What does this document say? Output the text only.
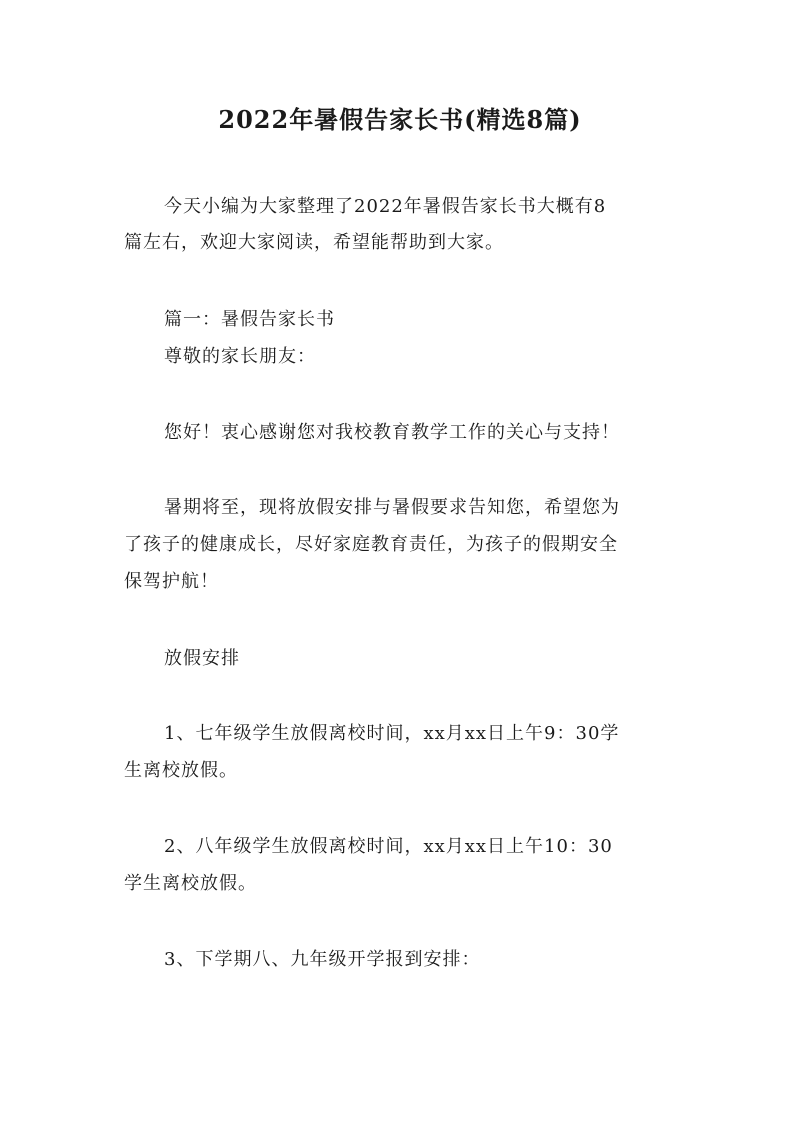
2022年暑假告家长书(精选8篇)
今天小编为大家整理了2022年暑假告家长书大概有8
篇左右，欢迎大家阅读，希望能帮助到大家。
篇一：暑假告家长书
尊敬的家长朋友：
您好！衷心感谢您对我校教育教学工作的关心与支持！
暑期将至，现将放假安排与暑假要求告知您，希望您为
了孩子的健康成长，尽好家庭教育责任，为孩子的假期安全
保驾护航！
放假安排
1、七年级学生放假离校时间，xx月xx日上午9：30学
生离校放假。
2、八年级学生放假离校时间，xx月xx日上午10：30
学生离校放假。
3、下学期八、九年级开学报到安排：
